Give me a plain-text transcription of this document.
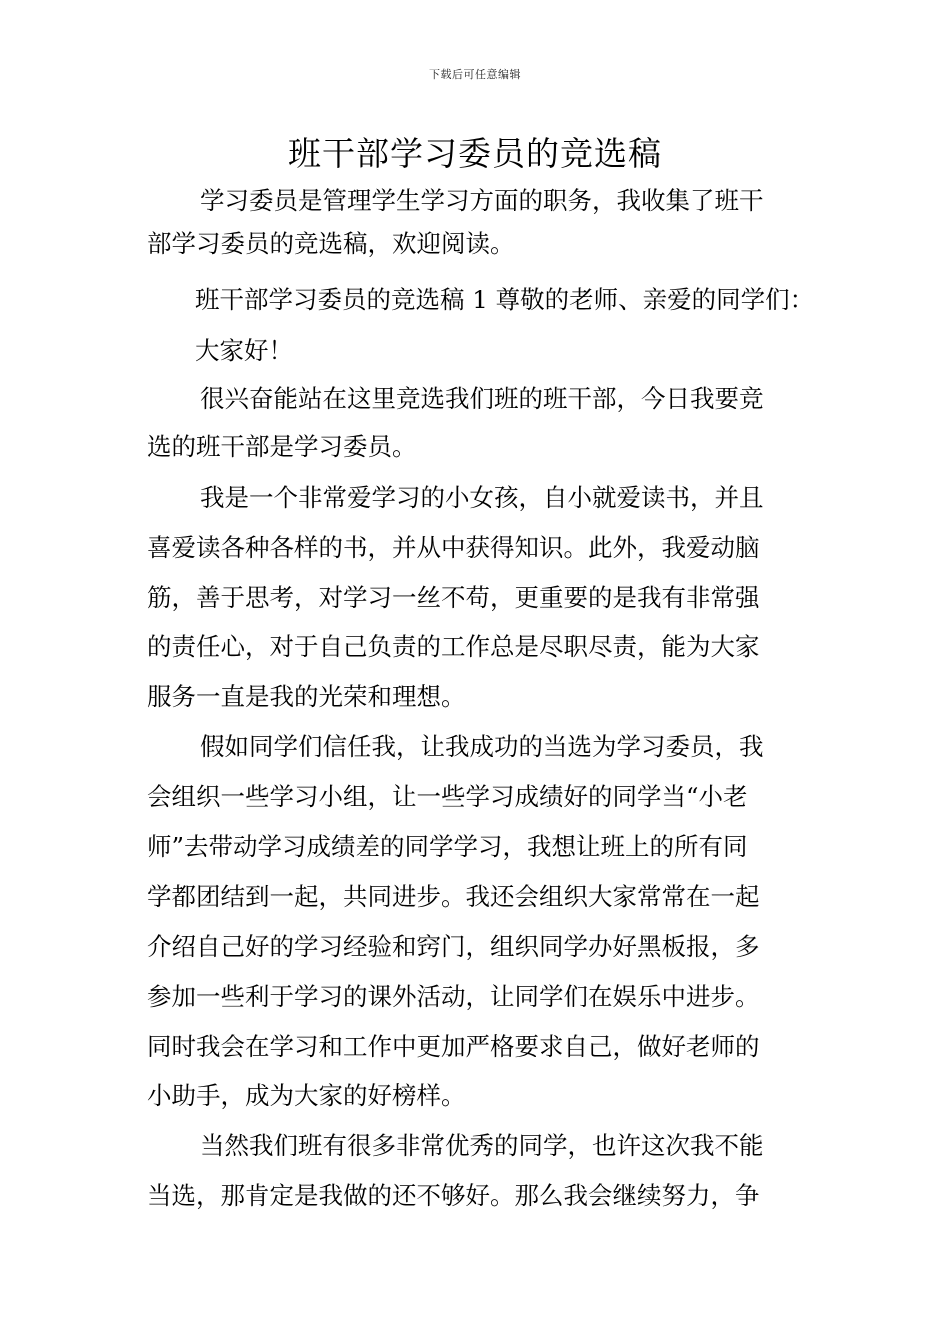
下载后可任意编辑
班干部学习委员的竞选稿
学习委员是管理学生学习方面的职务，我收集了班干
部学习委员的竞选稿，欢迎阅读。
班干部学习委员的竞选稿 1 尊敬的老师、亲爱的同学们：
大家好！
很兴奋能站在这里竞选我们班的班干部，今日我要竞
选的班干部是学习委员。
我是一个非常爱学习的小女孩，自小就爱读书，并且
喜爱读各种各样的书，并从中获得知识。此外，我爱动脑
筋，善于思考，对学习一丝不苟，更重要的是我有非常强
的责任心，对于自己负责的工作总是尽职尽责，能为大家
服务一直是我的光荣和理想。
假如同学们信任我，让我成功的当选为学习委员，我
会组织一些学习小组，让一些学习成绩好的同学当“小老
师”去带动学习成绩差的同学学习，我想让班上的所有同
学都团结到一起，共同进步。我还会组织大家常常在一起
介绍自己好的学习经验和窍门，组织同学办好黑板报，多
参加一些利于学习的课外活动，让同学们在娱乐中进步。
同时我会在学习和工作中更加严格要求自己，做好老师的
小助手，成为大家的好榜样。
当然我们班有很多非常优秀的同学，也许这次我不能
当选，那肯定是我做的还不够好。那么我会继续努力，争
